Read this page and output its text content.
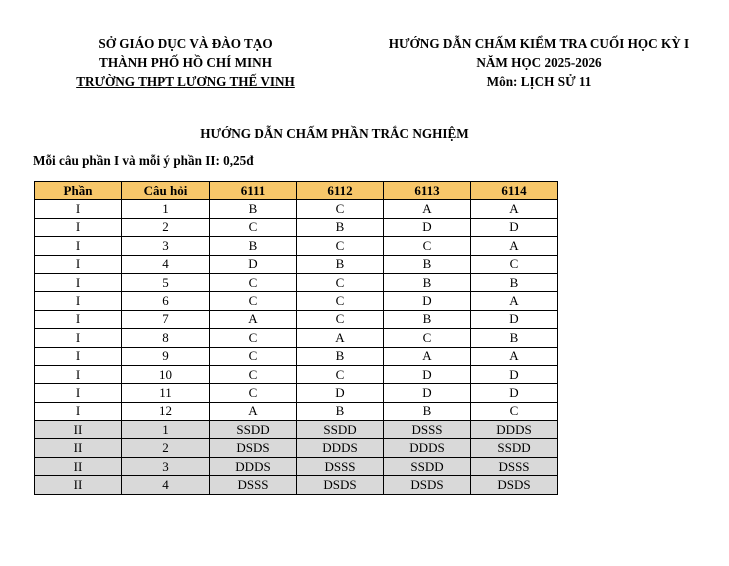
SỞ GIÁO DỤC VÀ ĐÀO TẠO
THÀNH PHỐ HỒ CHÍ MINH
TRƯỜNG THPT LƯƠNG THẾ VINH
HƯỚNG DẪN CHẤM KIỂM TRA CUỐI HỌC KỲ I
NĂM HỌC 2025-2026
Môn: LỊCH SỬ 11
HƯỚNG DẪN CHẤM PHẦN TRẮC NGHIỆM
Mỗi câu phần I và mỗi ý phần II: 0,25đ
Phần	Câu hỏi	6111	6112	6113	6114
I	1	B	C	A	A
I	2	C	B	D	D
I	3	B	C	C	A
I	4	D	B	B	C
I	5	C	C	B	B
I	6	C	C	D	A
I	7	A	C	B	D
I	8	C	A	C	B
I	9	C	B	A	A
I	10	C	C	D	D
I	11	C	D	D	D
I	12	A	B	B	C
II	1	SSDD	SSDD	DSSS	DDDS
II	2	DSDS	DDDS	DDDS	SSDD
II	3	DDDS	DSSS	SSDD	DSSS
II	4	DSSS	DSDS	DSDS	DSDS
